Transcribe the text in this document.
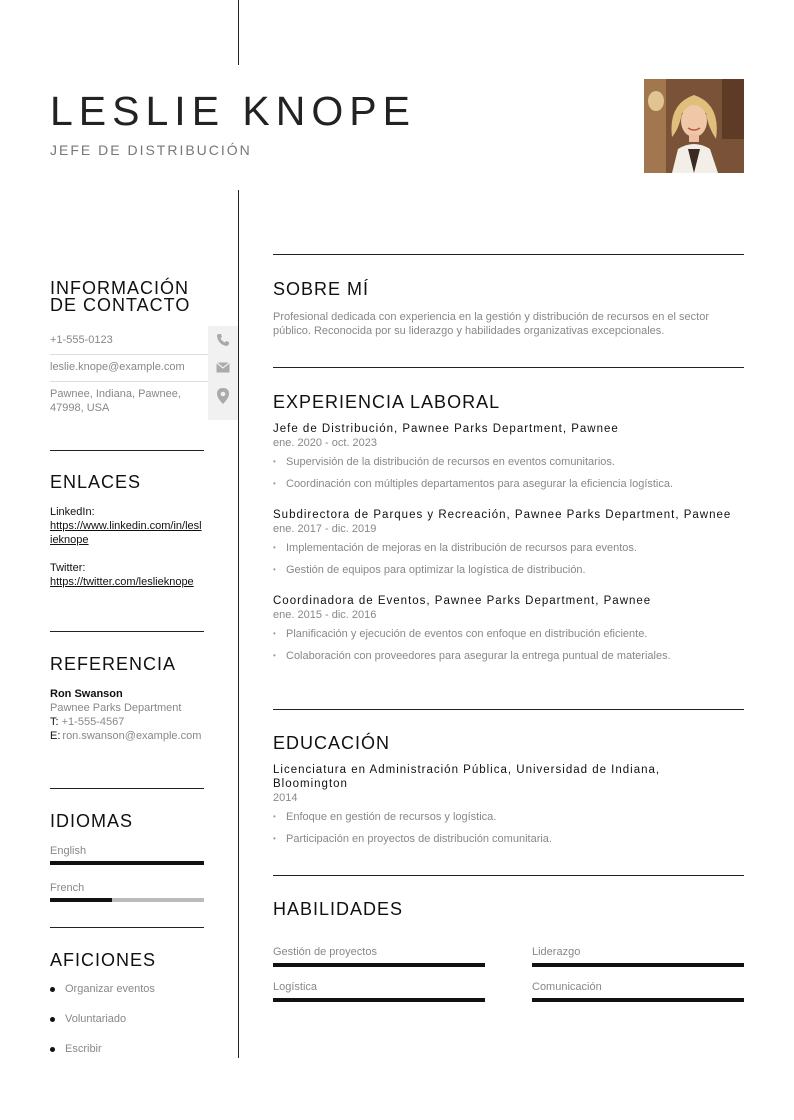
LESLIE KNOPE
JEFE DE DISTRIBUCIÓN
INFORMACIÓN DE CONTACTO
+1-555-0123
leslie.knope@example.com
Pawnee, Indiana, Pawnee, 47998, USA
ENLACES
LinkedIn:
https://www.linkedin.com/in/leslieknope
Twitter:
https://twitter.com/leslieknope
REFERENCIA
Ron Swanson
Pawnee Parks Department
T: +1-555-4567
E: ron.swanson@example.com
IDIOMAS
English
French
AFICIONES
Organizar eventos
Voluntariado
Escribir
SOBRE MÍ
Profesional dedicada con experiencia en la gestión y distribución de recursos en el sector público. Reconocida por su liderazgo y habilidades organizativas excepcionales.
EXPERIENCIA LABORAL
Jefe de Distribución, Pawnee Parks Department, Pawnee
ene. 2020 - oct. 2023
• Supervisión de la distribución de recursos en eventos comunitarios.
• Coordinación con múltiples departamentos para asegurar la eficiencia logística.
Subdirectora de Parques y Recreación, Pawnee Parks Department, Pawnee
ene. 2017 - dic. 2019
• Implementación de mejoras en la distribución de recursos para eventos.
• Gestión de equipos para optimizar la logística de distribución.
Coordinadora de Eventos, Pawnee Parks Department, Pawnee
ene. 2015 - dic. 2016
• Planificación y ejecución de eventos con enfoque en distribución eficiente.
• Colaboración con proveedores para asegurar la entrega puntual de materiales.
EDUCACIÓN
Licenciatura en Administración Pública, Universidad de Indiana, Bloomington
2014
• Enfoque en gestión de recursos y logística.
• Participación en proyectos de distribución comunitaria.
HABILIDADES
Gestión de proyectos	Liderazgo
Logística	Comunicación
